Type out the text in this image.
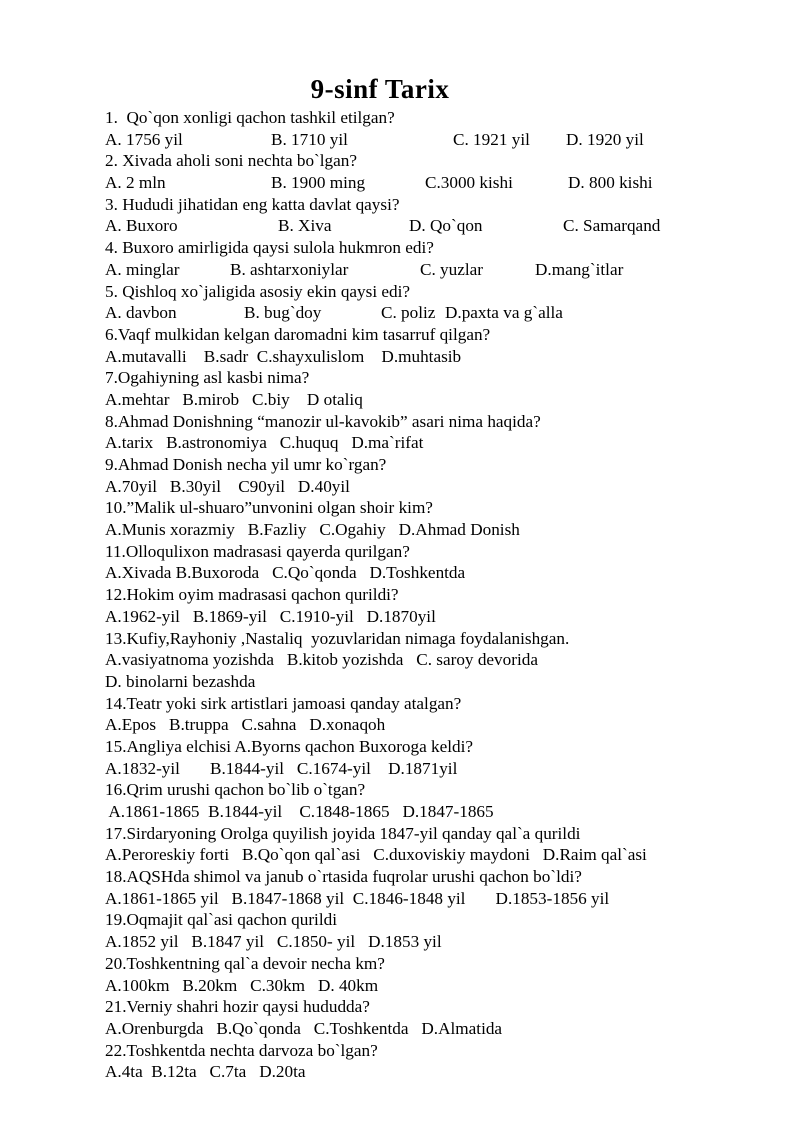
9-sinf Tarix
1.  Qo`qon xonligi qachon tashkil etilgan?
A. 1756 yil	B. 1710 yil	C. 1921 yil D. 1920 yil
2. Xivada aholi soni nechta bo`lgan?
A. 2 mln	B. 1900 ming	C.3000 kishi	D. 800 kishi
3. Hududi jihatidan eng katta davlat qaysi?
A. Buxoro	B. Xiva	D. Qo`qon	C. Samarqand
4. Buxoro amirligida qaysi sulola hukmron edi?
A. minglar	B. ashtarxoniylar	C. yuzlar	D.mang`itlar
5. Qishloq xo`jaligida asosiy ekin qaysi edi?
A. davbon	B. bug`doy	C. poliz D.paxta va g`alla
6.Vaqf mulkidan kelgan daromadni kim tasarruf qilgan?
A.mutavalli    B.sadr  C.shayxulislom    D.muhtasib
7.Ogahiyning asl kasbi nima?
A.mehtar   B.mirob   C.biy    D otaliq
8.Ahmad Donishning “manozir ul-kavokib” asari nima haqida?
A.tarix   B.astronomiya   C.huquq   D.ma`rifat
9.Ahmad Donish necha yil umr ko`rgan?
A.70yil   B.30yil    C90yil   D.40yil
10.”Malik ul-shuaro”unvonini olgan shoir kim?
A.Munis xorazmiy   B.Fazliy   C.Ogahiy   D.Ahmad Donish
11.Olloqulixon madrasasi qayerda qurilgan?
A.Xivada B.Buxoroda   C.Qo`qonda   D.Toshkentda
12.Hokim oyim madrasasi qachon qurildi?
A.1962-yil   B.1869-yil   C.1910-yil   D.1870yil
13.Kufiy,Rayhoniy ,Nastaliq  yozuvlaridan nimaga foydalanishgan.
A.vasiyatnoma yozishda   B.kitob yozishda   C. saroy devorida
D. binolarni bezashda
14.Teatr yoki sirk artistlari jamoasi qanday atalgan?
A.Epos   B.truppa   C.sahna   D.xonaqoh
15.Angliya elchisi A.Byorns qachon Buxoroga keldi?
A.1832-yil       B.1844-yil   C.1674-yil    D.1871yil
16.Qrim urushi qachon bo`lib o`tgan?
A.1861-1865  B.1844-yil    C.1848-1865   D.1847-1865
17.Sirdaryoning Orolga quyilish joyida 1847-yil qanday qal`a qurildi
A.Peroreskiy forti   B.Qo`qon qal`asi   C.duxoviskiy maydoni   D.Raim qal`asi
18.AQSHda shimol va janub o`rtasida fuqrolar urushi qachon bo`ldi?
A.1861-1865 yil   B.1847-1868 yil  C.1846-1848 yil       D.1853-1856 yil
19.Oqmajit qal`asi qachon qurildi
A.1852 yil   B.1847 yil   C.1850- yil   D.1853 yil
20.Toshkentning qal`a devoir necha km?
A.100km   B.20km   C.30km   D. 40km
21.Verniy shahri hozir qaysi hududda?
A.Orenburgda   B.Qo`qonda   C.Toshkentda   D.Almatida
22.Toshkentda nechta darvoza bo`lgan?
A.4ta  B.12ta   C.7ta   D.20ta
